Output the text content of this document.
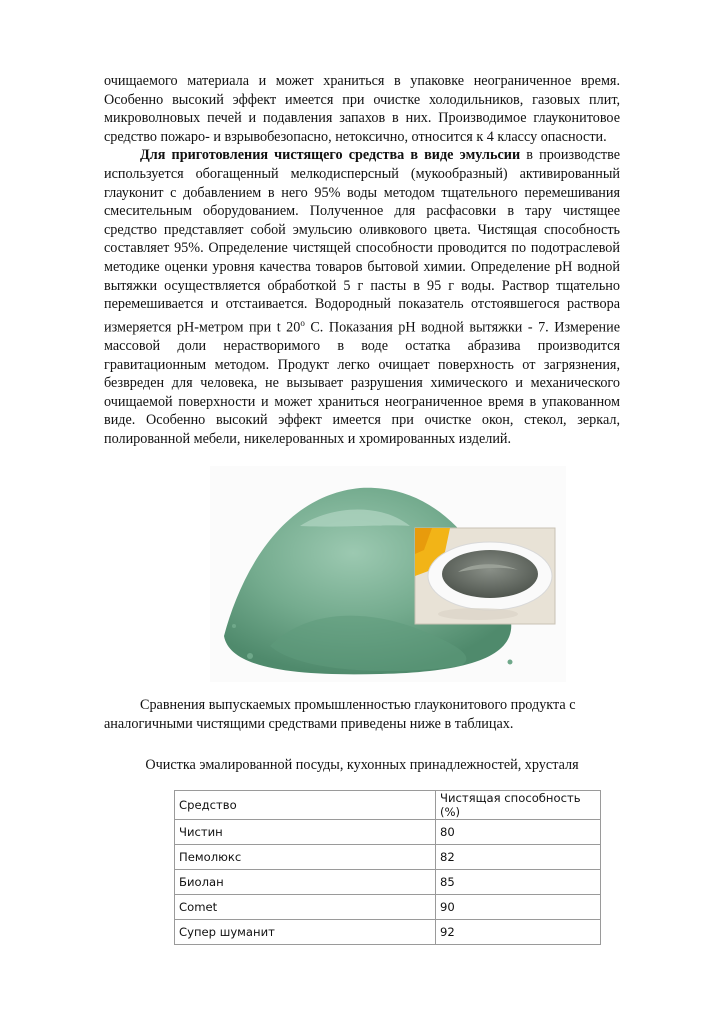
очищаемого материала и может храниться в упаковке неограниченное время. Особенно высокий эффект имеется при очистке холодильников, газовых плит, микроволновых печей и подавления запахов в них. Производимое глауконитовое средство пожаро- и взрывобезопасно, нетоксично, относится к 4 классу опасности.

Для приготовления чистящего средства в виде эмульсии в производстве используется обогащенный мелкодисперсный (мукообразный) активированный глауконит с добавлением в него 95% воды методом тщательного перемешивания смесительным оборудованием. Полученное для расфасовки в тару чистящее средство представляет собой эмульсию оливкового цвета. Чистящая способность составляет 95%. Определение чистящей способности проводится по подотраслевой методике оценки уровня качества товаров бытовой химии. Определение рН водной вытяжки осуществляется обработкой 5 г пасты в 95 г воды. Раствор тщательно перемешивается и отстаивается. Водородный показатель отстоявшегося раствора измеряется рН-метром при t $20^о$ С. Показания рН водной вытяжки - 7. Измерение массовой доли нерастворимого в воде остатка абразива производится гравитационным методом. Продукт легко очищает поверхность от загрязнения, безвреден для человека, не вызывает разрушения химического и механического очищаемой поверхности и может храниться неограниченное время в упакованном виде. Особенно высокий эффект имеется при очистке окон, стекол, зеркал, полированной мебели, никелерованных и хромированных изделий.

Сравнения выпускаемых промышленностью глауконитового продукта с аналогичными чистящими средствами приведены ниже в таблицах.

Очистка эмалированной посуды, кухонных принадлежностей, хрусталя
Средство	Чистящая способность (%)
Чистин	80
Пемолюкс	82
Биолан	85
Comet	90
Супер шуманит	92
